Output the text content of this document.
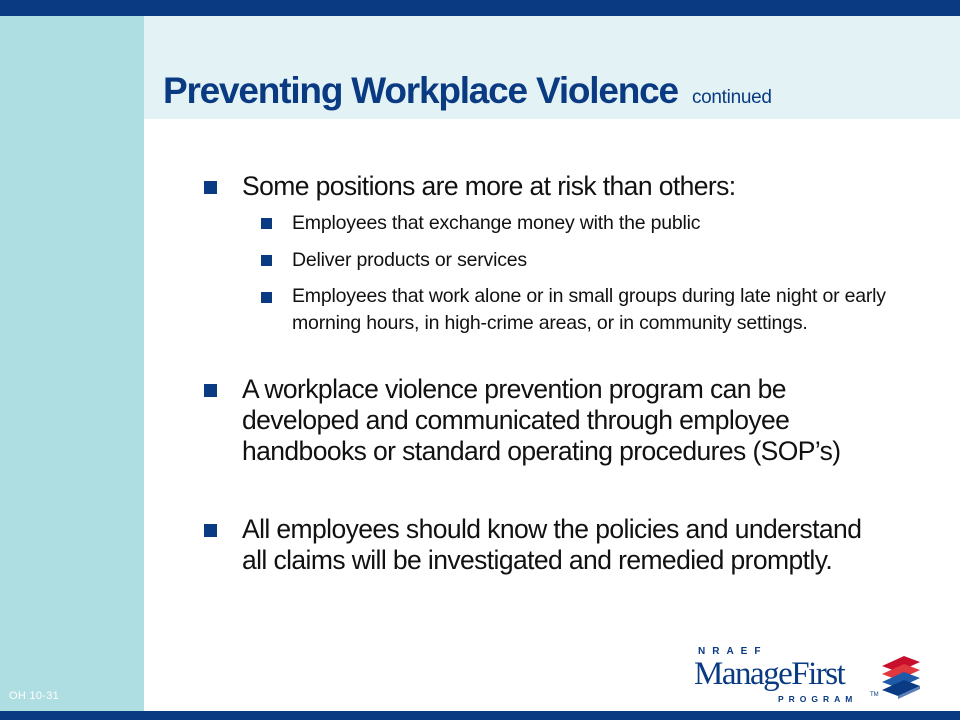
Preventing Workplace Violence continued
Some positions are more at risk than others:
Employees that exchange money with the public
Deliver products or services
Employees that work alone or in small groups during late night or early morning hours, in high-crime areas, or in community settings.
A workplace violence prevention program can be developed and communicated through employee handbooks or standard operating procedures (SOP’s)
All employees should know the policies and understand all claims will be investigated and remedied promptly.
OH 10-31
NRAEF
ManageFirst
PROGRAM TM
